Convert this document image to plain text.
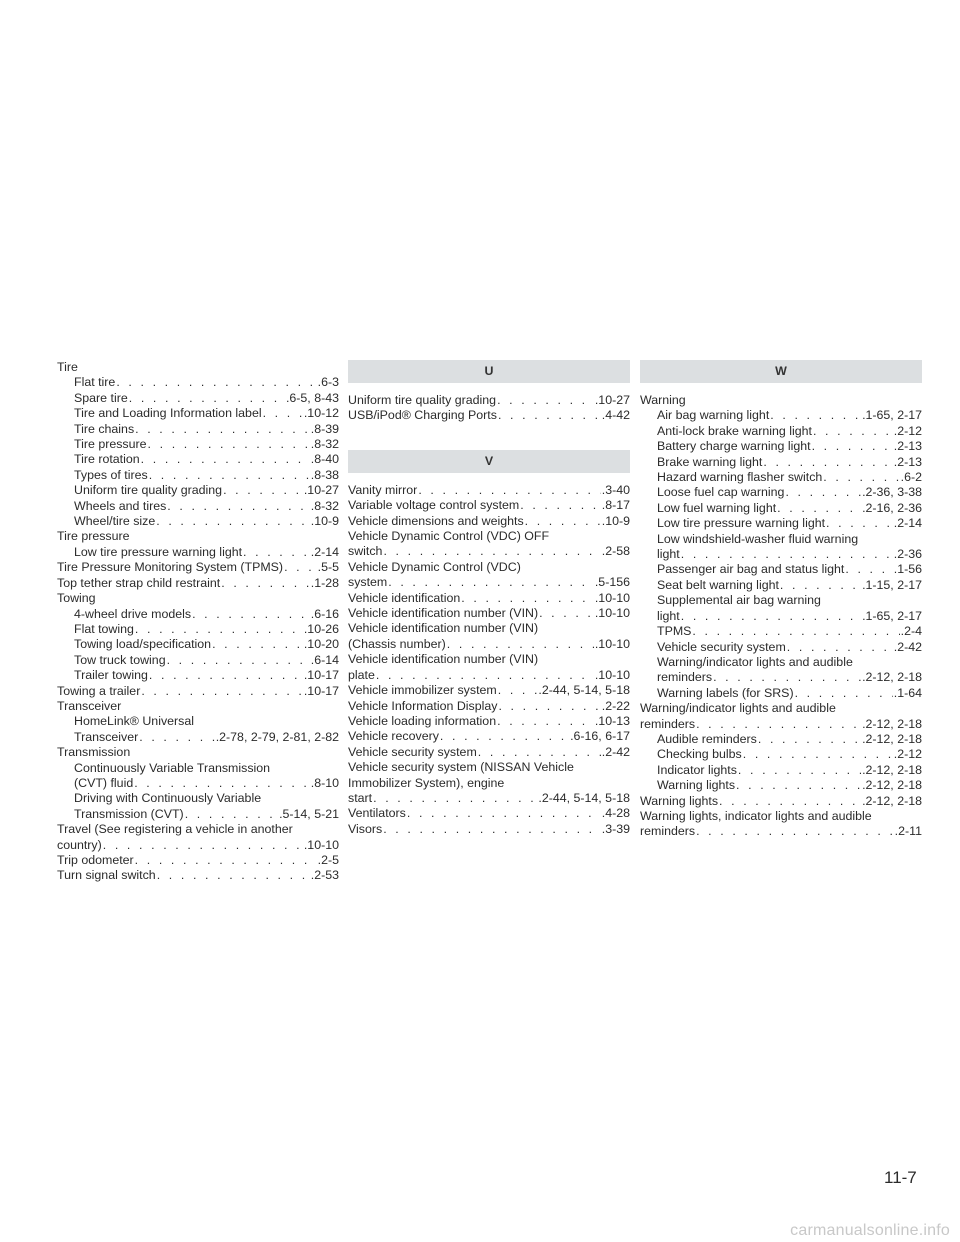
Tire
Flat tire . . .	.6-3
Spare tire . . .	.6-5, 8-43
Tire and Loading Information label . . .	.10-12
Tire chains . . .	.8-39
Tire pressure . . .	.8-32
Tire rotation . . .	.8-40
Types of tires . . .	.8-38
Uniform tire quality grading . . .	.10-27
Wheels and tires . . .	.8-32
Wheel/tire size . . .	.10-9
Tire pressure
Low tire pressure warning light . . .	.2-14
Tire Pressure Monitoring System (TPMS) . . .	.5-5
Top tether strap child restraint . . .	.1-28
Towing
4-wheel drive models . . .	.6-16
Flat towing . . .	.10-26
Towing load/specification . . .	.10-20
Tow truck towing . . .	.6-14
Trailer towing . . .	.10-17
Towing a trailer . . .	.10-17
Transceiver
HomeLink® Universal
Transceiver . . .	.2-78, 2-79, 2-81, 2-82
Transmission
Continuously Variable Transmission
(CVT) fluid . . .	.8-10
Driving with Continuously Variable
Transmission (CVT) . . .	.5-14, 5-21
Travel (See registering a vehicle in another
country) . . .	.10-10
Trip odometer . . .	.2-5
Turn signal switch . . .	.2-53
U
Uniform tire quality grading . . .	.10-27
USB/iPod® Charging Ports . . .	.4-42
V
Vanity mirror . . .	.3-40
Variable voltage control system . . .	.8-17
Vehicle dimensions and weights . . .	.10-9
Vehicle Dynamic Control (VDC) OFF
switch . . .	.2-58
Vehicle Dynamic Control (VDC)
system . . .	.5-156
Vehicle identification . . .	.10-10
Vehicle identification number (VIN) . . .	.10-10
Vehicle identification number (VIN)
(Chassis number) . . .	.10-10
Vehicle identification number (VIN)
plate . . .	.10-10
Vehicle immobilizer system . . .	.2-44, 5-14, 5-18
Vehicle Information Display . . .	.2-22
Vehicle loading information . . .	.10-13
Vehicle recovery . . .	.6-16, 6-17
Vehicle security system . . .	.2-42
Vehicle security system (NISSAN Vehicle
Immobilizer System), engine
start . . .	.2-44, 5-14, 5-18
Ventilators . . .	.4-28
Visors . . .	.3-39
W
Warning
Air bag warning light . . .	.1-65, 2-17
Anti-lock brake warning light . . .	.2-12
Battery charge warning light . . .	.2-13
Brake warning light . . .	.2-13
Hazard warning flasher switch . . .	.6-2
Loose fuel cap warning . . .	.2-36, 3-38
Low fuel warning light . . .	.2-16, 2-36
Low tire pressure warning light . . .	.2-14
Low windshield-washer fluid warning
light . . .	.2-36
Passenger air bag and status light . . .	.1-56
Seat belt warning light . . .	.1-15, 2-17
Supplemental air bag warning
light . . .	.1-65, 2-17
TPMS . . .	.2-4
Vehicle security system . . .	.2-42
Warning/indicator lights and audible
reminders . . .	.2-12, 2-18
Warning labels (for SRS) . . .	.1-64
Warning/indicator lights and audible
reminders . . .	.2-12, 2-18
Audible reminders . . .	.2-12, 2-18
Checking bulbs . . .	.2-12
Indicator lights . . .	.2-12, 2-18
Warning lights . . .	.2-12, 2-18
Warning lights . . .	.2-12, 2-18
Warning lights, indicator lights and audible
reminders . . .	.2-11
11-7
carmanualsonline.info
